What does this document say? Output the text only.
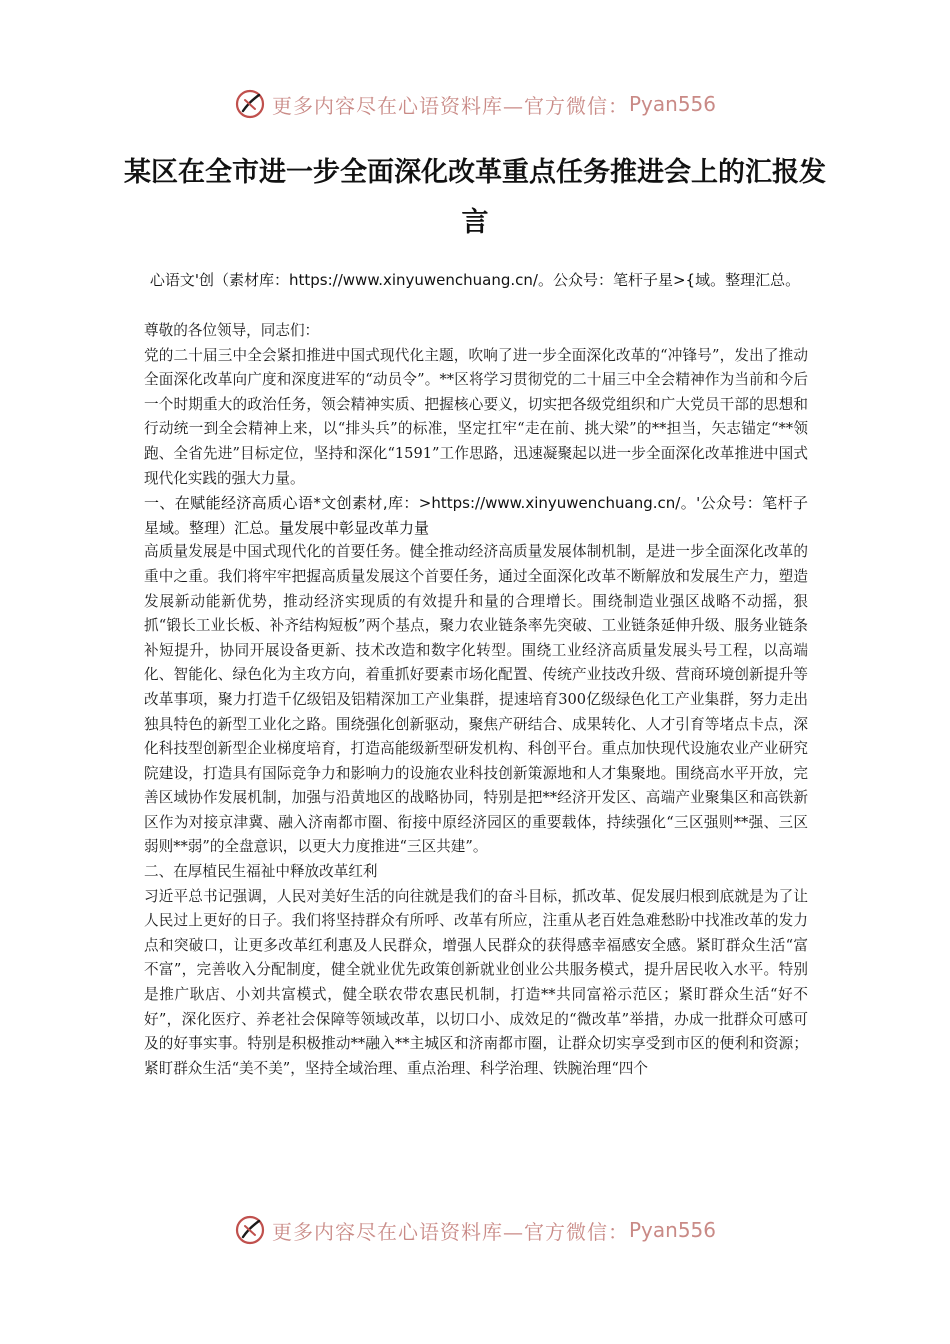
更多内容尽在心语资料库—官方微信： Pyan556
某区在全市进一步全面深化改革重点任务推进会上的汇报发言
心语文'创（素材库：https://www.xinyuwenchuang.cn/。公众号：笔杆子星>{域。整理汇总。

尊敬的各位领导，同志们：

党的二十届三中全会紧扣推进中国式现代化主题，吹响了进一步全面深化改革的“冲锋号”，发出了推动全面深化改革向广度和深度进军的“动员令”。**区将学习贯彻党的二十届三中全会精神作为当前和今后一个时期重大的政治任务，领会精神实质、把握核心要义，切实把各级党组织和广大党员干部的思想和行动统一到全会精神上来，以“排头兵”的标准，坚定扛牢“走在前、挑大梁”的**担当，矢志锚定“**领跑、全省先进”目标定位，坚持和深化“1591”工作思路，迅速凝聚起以进一步全面深化改革推进中国式现代化实践的强大力量。

一、在赋能经济高质心语*文创素材,库：>https://www.xinyuwenchuang.cn/。'公众号：笔杆子星域。整理）汇总。量发展中彰显改革力量

高质量发展是中国式现代化的首要任务。健全推动经济高质量发展体制机制，是进一步全面深化改革的重中之重。我们将牢牢把握高质量发展这个首要任务，通过全面深化改革不断解放和发展生产力，塑造发展新动能新优势，推动经济实现质的有效提升和量的合理增长。围绕制造业强区战略不动摇，狠抓“锻长工业长板、补齐结构短板”两个基点，聚力农业链条率先突破、工业链条延伸升级、服务业链条补短提升，协同开展设备更新、技术改造和数字化转型。围绕工业经济高质量发展头号工程，以高端化、智能化、绿色化为主攻方向，着重抓好要素市场化配置、传统产业技改升级、营商环境创新提升等改革事项，聚力打造千亿级铝及铝精深加工产业集群，提速培育300亿级绿色化工产业集群，努力走出独具特色的新型工业化之路。围绕强化创新驱动，聚焦产研结合、成果转化、人才引育等堵点卡点，深化科技型创新型企业梯度培育，打造高能级新型研发机构、科创平台。重点加快现代设施农业产业研究院建设，打造具有国际竞争力和影响力的设施农业科技创新策源地和人才集聚地。围绕高水平开放，完善区域协作发展机制，加强与沿黄地区的战略协同，特别是把**经济开发区、高端产业聚集区和高铁新区作为对接京津冀、融入济南都市圈、衔接中原经济园区的重要载体，持续强化“三区强则**强、三区弱则**弱”的全盘意识，以更大力度推进“三区共建”。

二、在厚植民生福祉中释放改革红利

习近平总书记强调，人民对美好生活的向往就是我们的奋斗目标，抓改革、促发展归根到底就是为了让人民过上更好的日子。我们将坚持群众有所呼、改革有所应，注重从老百姓急难愁盼中找准改革的发力点和突破口，让更多改革红利惠及人民群众，增强人民群众的获得感幸福感安全感。紧盯群众生活“富不富”，完善收入分配制度，健全就业优先政策创新就业创业公共服务模式，提升居民收入水平。特别是推广耿店、小刘共富模式，健全联农带农惠民机制，打造**共同富裕示范区；紧盯群众生活“好不好”，深化医疗、养老社会保障等领域改革，以切口小、成效足的“微改革”举措，办成一批群众可感可及的好事实事。特别是积极推动**融入**主城区和济南都市圈，让群众切实享受到市区的便利和资源；紧盯群众生活“美不美”，坚持全域治理、重点治理、科学治理、铁腕治理“四个

更多内容尽在心语资料库—官方微信： Pyan556
